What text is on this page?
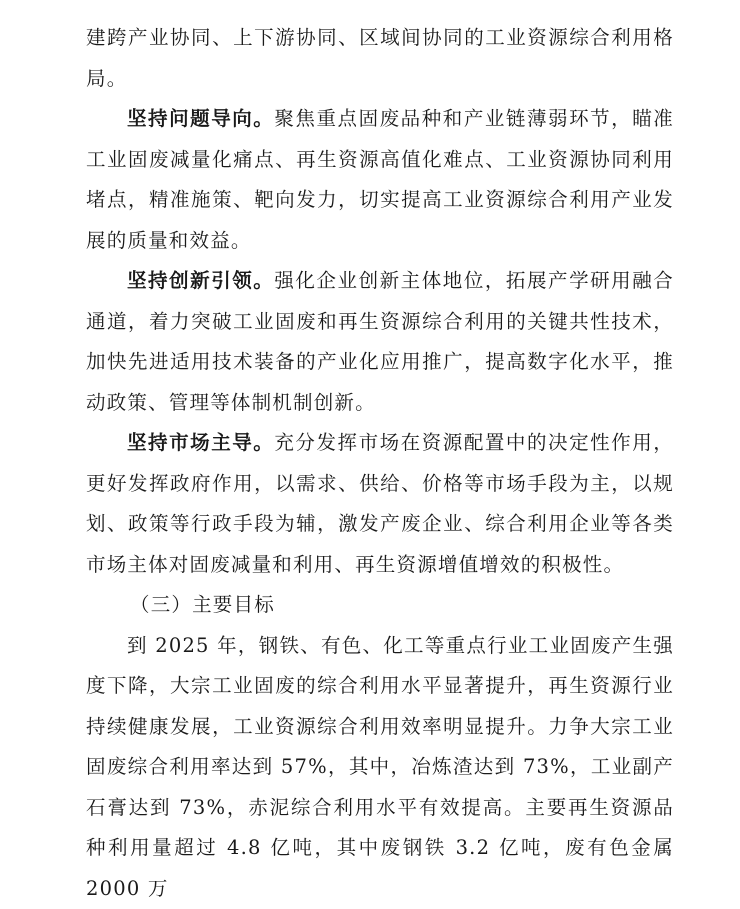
建跨产业协同、上下游协同、区域间协同的工业资源综合利用格局。

坚持问题导向。聚焦重点固废品种和产业链薄弱环节，瞄准工业固废减量化痛点、再生资源高值化难点、工业资源协同利用堵点，精准施策、靶向发力，切实提高工业资源综合利用产业发展的质量和效益。

坚持创新引领。强化企业创新主体地位，拓展产学研用融合通道，着力突破工业固废和再生资源综合利用的关键共性技术，加快先进适用技术装备的产业化应用推广，提高数字化水平，推动政策、管理等体制机制创新。

坚持市场主导。充分发挥市场在资源配置中的决定性作用，更好发挥政府作用，以需求、供给、价格等市场手段为主，以规划、政策等行政手段为辅，激发产废企业、综合利用企业等各类市场主体对固废减量和利用、再生资源增值增效的积极性。

（三）主要目标

到 2025 年，钢铁、有色、化工等重点行业工业固废产生强度下降，大宗工业固废的综合利用水平显著提升，再生资源行业持续健康发展，工业资源综合利用效率明显提升。力争大宗工业固废综合利用率达到 57%，其中，冶炼渣达到 73%，工业副产石膏达到 73%，赤泥综合利用水平有效提高。主要再生资源品种利用量超过 4.8 亿吨，其中废钢铁 3.2 亿吨，废有色金属 2000 万
